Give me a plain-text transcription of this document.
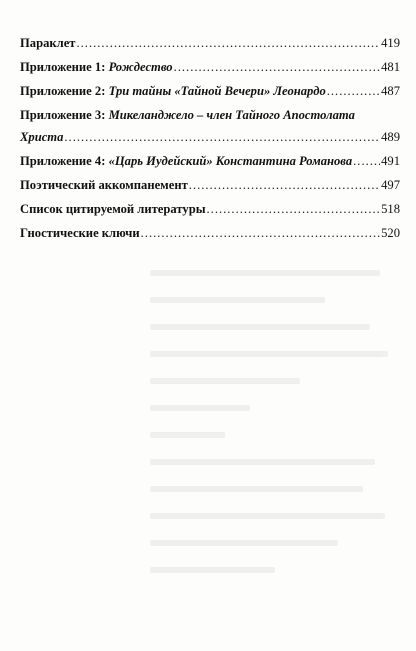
Параклет .....	419
Приложение 1: Рождество .....	481
Приложение 2: Три тайны «Тайной Вечери» Леонардо .....	487
Приложение 3: Микеланджело – член Тайного Апостолата
Христа .....	489
Приложение 4: «Царь Иудейский» Константина Романова ..... 491
Поэтический аккомпанемент .....	497
Список цитируемой литературы .....	518
Гностические ключи .....	520
